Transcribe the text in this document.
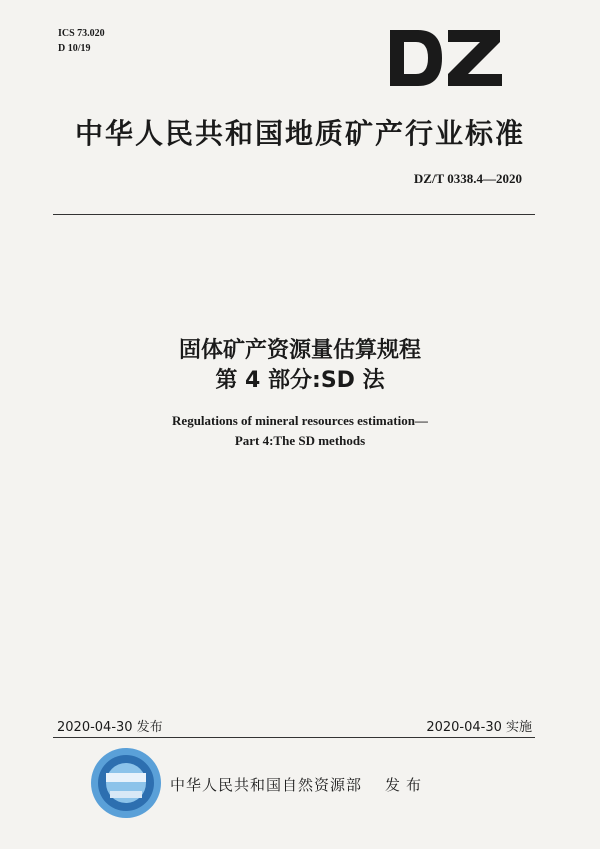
ICS 73.020
D 10/19
中华人民共和国地质矿产行业标准
DZ/T 0338.4—2020
固体矿产资源量估算规程
第 4 部分:SD 法
Regulations of mineral resources estimation—
Part 4:The SD methods
2020-04-30 发布	2020-04-30 实施
中华人民共和国自然资源部 发布
